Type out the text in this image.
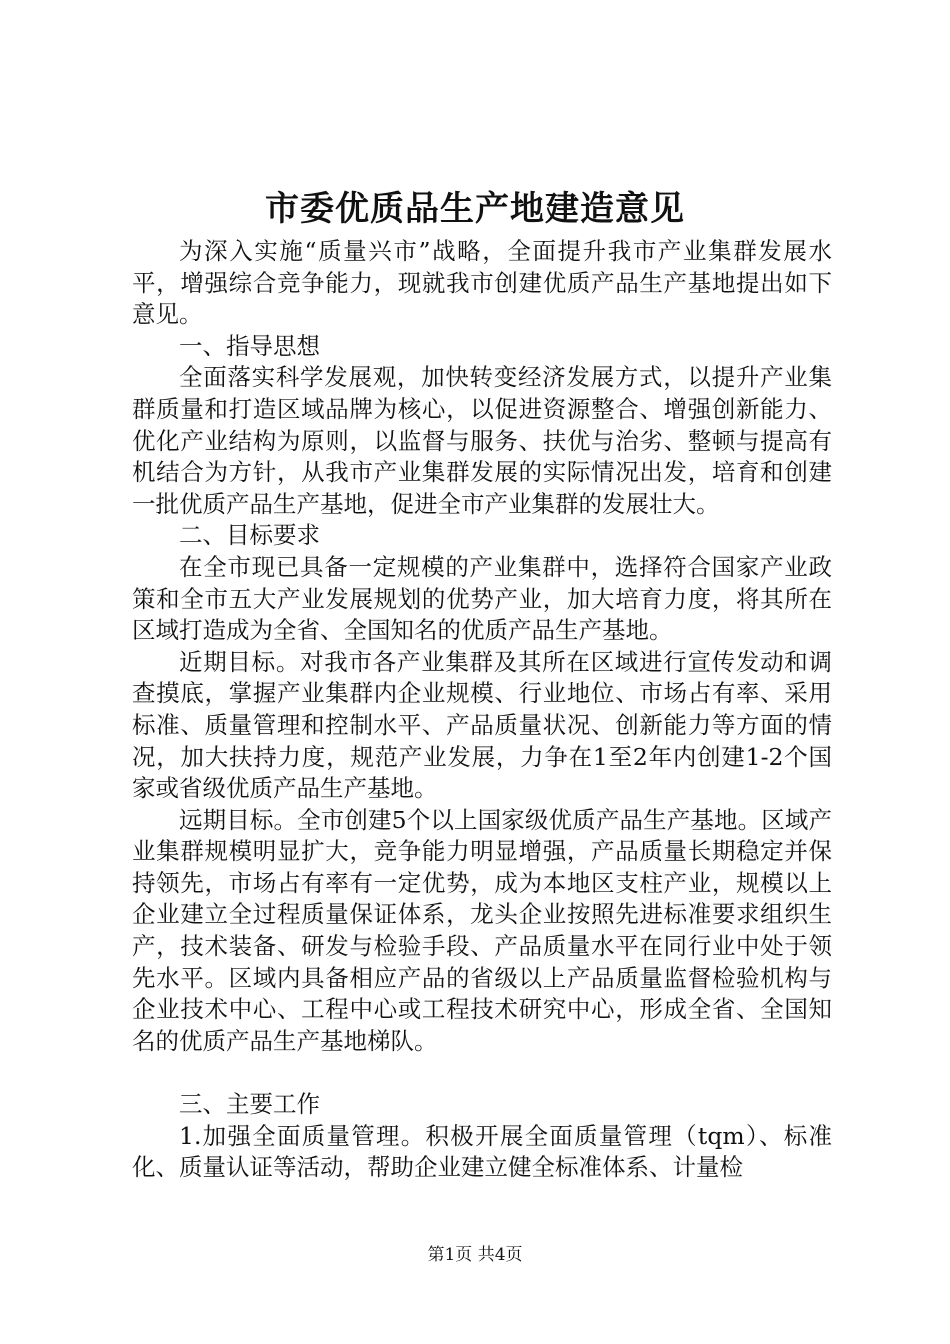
市委优质品生产地建造意见

为深入实施“质量兴市”战略，全面提升我市产业集群发展水平，增强综合竞争能力，现就我市创建优质产品生产基地提出如下意见。

一、指导思想

全面落实科学发展观，加快转变经济发展方式，以提升产业集群质量和打造区域品牌为核心，以促进资源整合、增强创新能力、优化产业结构为原则，以监督与服务、扶优与治劣、整顿与提高有机结合为方针，从我市产业集群发展的实际情况出发，培育和创建一批优质产品生产基地，促进全市产业集群的发展壮大。

二、目标要求

在全市现已具备一定规模的产业集群中，选择符合国家产业政策和全市五大产业发展规划的优势产业，加大培育力度，将其所在区域打造成为全省、全国知名的优质产品生产基地。

近期目标。对我市各产业集群及其所在区域进行宣传发动和调查摸底，掌握产业集群内企业规模、行业地位、市场占有率、采用标准、质量管理和控制水平、产品质量状况、创新能力等方面的情况，加大扶持力度，规范产业发展，力争在1至2年内创建1-2个国家或省级优质产品生产基地。

远期目标。全市创建5个以上国家级优质产品生产基地。区域产业集群规模明显扩大，竞争能力明显增强，产品质量长期稳定并保持领先，市场占有率有一定优势，成为本地区支柱产业，规模以上企业建立全过程质量保证体系，龙头企业按照先进标准要求组织生产，技术装备、研发与检验手段、产品质量水平在同行业中处于领先水平。区域内具备相应产品的省级以上产品质量监督检验机构与企业技术中心、工程中心或工程技术研究中心，形成全省、全国知名的优质产品生产基地梯队。

三、主要工作

1.加强全面质量管理。积极开展全面质量管理（tqm）、标准化、质量认证等活动，帮助企业建立健全标准体系、计量检

第1页 共4页
